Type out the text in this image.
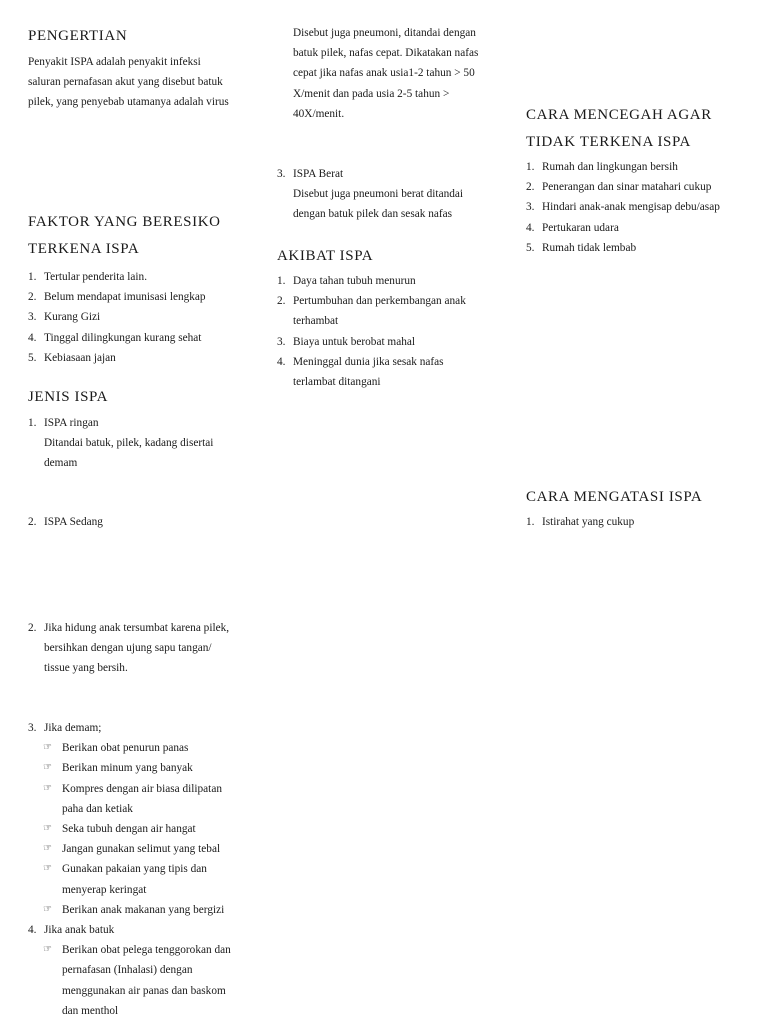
PENGERTIAN

Penyakit ISPA adalah penyakit infeksi

saluran pernafasan akut yang disebut batuk

pilek, yang penyebab utamanya adalah virus

FAKTOR YANG BERESIKO
TERKENA ISPA
1. Tertular penderita lain.
2. Belum mendapat imunisasi lengkap
3. Kurang Gizi
4. Tinggal dilingkungan kurang sehat
5. Kebiasaan jajan
JENIS ISPA
1. ISPA ringan
Ditandai batuk, pilek, kadang disertai
demam
2. ISPA Sedang
2. Jika hidung anak tersumbat karena pilek,
bersihkan dengan ujung sapu tangan/
tissue yang bersih.
3. Jika demam;
☞ Berikan obat penurun panas
☞ Berikan minum yang banyak
☞ Kompres dengan air biasa dilipatan
paha dan ketiak
☞ Seka tubuh dengan air hangat
☞ Jangan gunakan selimut yang tebal
☞ Gunakan pakaian yang tipis dan
menyerap keringat
☞ Berikan anak makanan yang bergizi
4. Jika anak batuk
☞ Berikan obat pelega tenggorokan dan
pernafasan (Inhalasi) dengan
menggunakan air panas dan baskom
dan menthol
Disebut juga pneumoni, ditandai dengan
batuk pilek, nafas cepat. Dikatakan nafas
cepat jika nafas anak usia1-2 tahun > 50
X/menit dan pada usia 2-5 tahun >
40X/menit.
3. ISPA Berat
Disebut juga pneumoni berat ditandai
dengan batuk pilek dan sesak nafas
AKIBAT ISPA
1. Daya tahan tubuh menurun
2. Pertumbuhan dan perkembangan anak
terhambat
3. Biaya untuk berobat mahal
4. Meninggal dunia jika sesak nafas
terlambat ditangani
CARA MENCEGAH AGAR
TIDAK TERKENA ISPA
1. Rumah dan lingkungan bersih
2. Penerangan dan sinar matahari cukup
3. Hindari anak-anak mengisap debu/asap
4. Pertukaran udara
5. Rumah tidak lembab
CARA MENGATASI ISPA
1. Istirahat yang cukup
